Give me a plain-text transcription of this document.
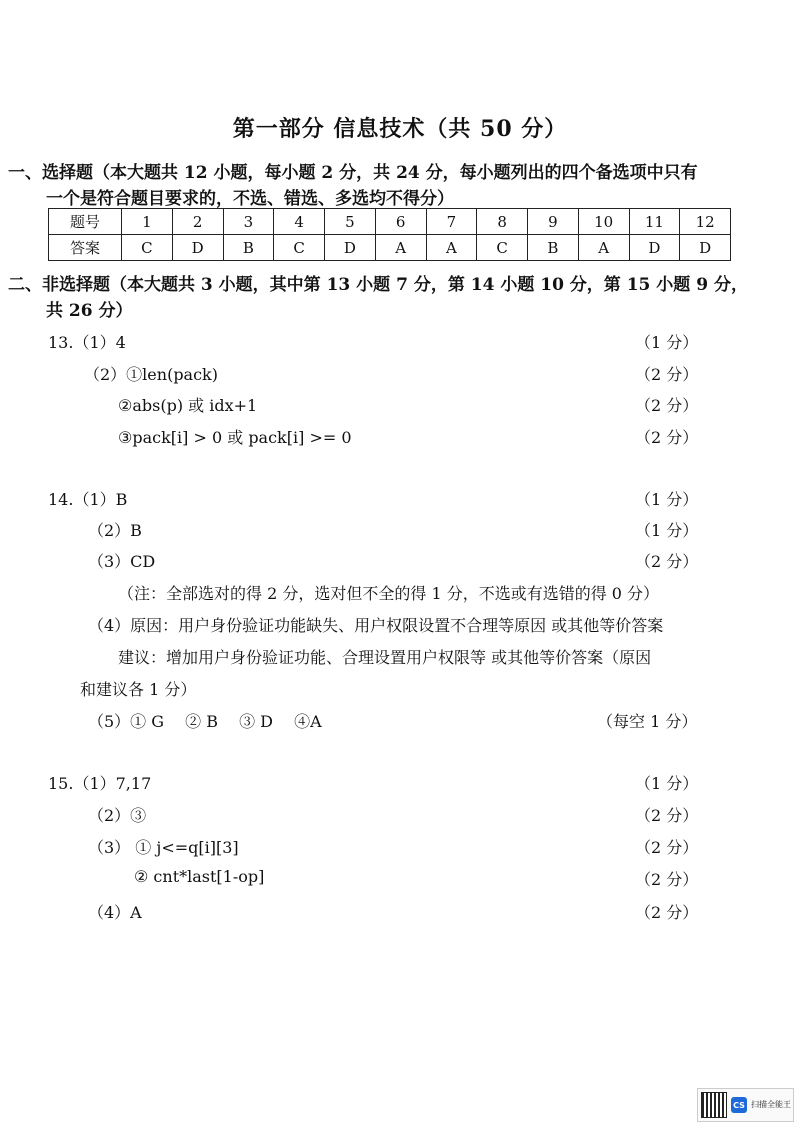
第一部分 信息技术（共 50 分）
一、选择题（本大题共 12 小题，每小题 2 分，共 24 分，每小题列出的四个备选项中只有
一个是符合题目要求的，不选、错选、多选均不得分）
题号	1	2	3	4	5	6	7	8	9	10	11	12
答案	C	D	B	C	D	A	A	C	B	A	D	D
二、非选择题（本大题共 3 小题，其中第 13 小题 7 分，第 14 小题 10 分，第 15 小题 9 分，
共 26 分）
13.（1）4	（1 分）
（2）①len(pack)	（2 分）
②abs(p) 或 idx+1	（2 分）
③pack[i] > 0 或 pack[i] >= 0	（2 分）
14.（1）B	（1 分）
（2）B	（1 分）
（3）CD	（2 分）
（注：全部选对的得 2 分，选对但不全的得 1 分，不选或有选错的得 0 分）
（4）原因：用户身份验证功能缺失、用户权限设置不合理等原因 或其他等价答案
建议：增加用户身份验证功能、合理设置用户权限等 或其他等价答案（原因
和建议各 1 分）
（5）① G　 ② B　 ③ D　 ④A	（每空 1 分）
15.（1）7,17	（1 分）
（2）③	（2 分）
（3） ① j<=q[i][3]	（2 分）
② cnt*last[1-op]	（2 分）
（4）A	（2 分）
CS 扫描全能王
